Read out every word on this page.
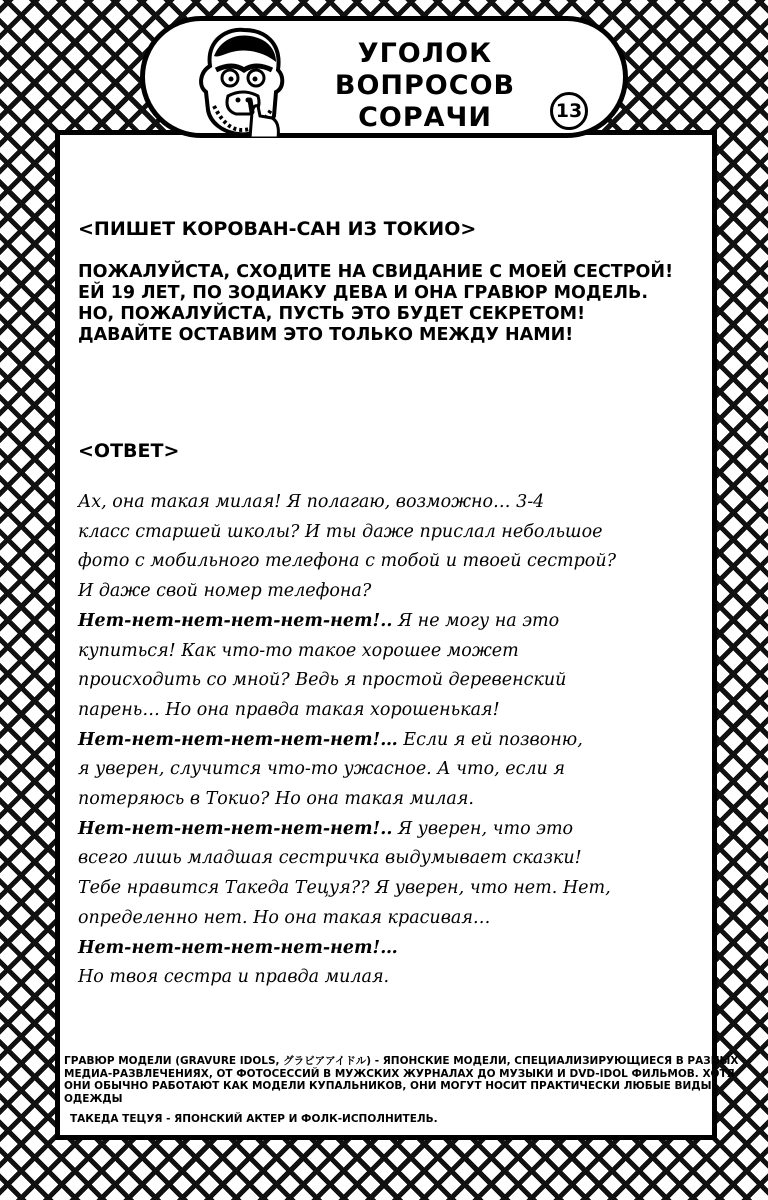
УГОЛОК
ВОПРОСОВ
СОРАЧИ	13
<ПИШЕТ КОРОВАН-САН ИЗ ТОКИО>
ПОЖАЛУЙСТА, СХОДИТЕ НА СВИДАНИЕ С МОЕЙ СЕСТРОЙ!
ЕЙ 19 ЛЕТ, ПО ЗОДИАКУ ДЕВА И ОНА ГРАВЮР МОДЕЛЬ.
НО, ПОЖАЛУЙСТА, ПУСТЬ ЭТО БУДЕТ СЕКРЕТОМ!
ДАВАЙТЕ ОСТАВИМ ЭТО ТОЛЬКО МЕЖДУ НАМИ!
<ОТВЕТ>
Ах, она такая милая! Я полагаю, возможно… 3-4
класс старшей школы? И ты даже прислал небольшое
фото с мобильного телефона с тобой и твоей сестрой?
И даже свой номер телефона?
Нет-нет-нет-нет-нет-нет!.. Я не могу на это
купиться! Как что-то такое хорошее может
происходить со мной? Ведь я простой деревенский
парень… Но она правда такая хорошенькая!
Нет-нет-нет-нет-нет-нет!… Если я ей позвоню,
я уверен, случится что-то ужасное. А что, если я
потеряюсь в Токио? Но она такая милая.
Нет-нет-нет-нет-нет-нет!.. Я уверен, что это
всего лишь младшая сестричка выдумывает сказки!
Тебе нравится Такеда Тецуя?? Я уверен, что нет. Нет,
определенно нет. Но она такая красивая…
Нет-нет-нет-нет-нет-нет!…
Но твоя сестра и правда милая.
ГРАВЮР МОДЕЛИ (GRAVURE IDOLS, グラビアアイドル) - ЯПОНСКИЕ МОДЕЛИ, СПЕЦИАЛИЗИРУЮЩИЕСЯ В РАЗНЫХ
МЕДИА-РАЗВЛЕЧЕНИЯХ, ОТ ФОТОСЕССИЙ В МУЖСКИХ ЖУРНАЛАХ ДО МУЗЫКИ И DVD-IDOL ФИЛЬМОВ. ХОТЯ
ОНИ ОБЫЧНО РАБОТАЮТ КАК МОДЕЛИ КУПАЛЬНИКОВ, ОНИ МОГУТ НОСИТ ПРАКТИЧЕСКИ ЛЮБЫЕ ВИДЫ
ОДЕЖДЫ
ТАКЕДА ТЕЦУЯ - ЯПОНСКИЙ АКТЕР И ФОЛК-ИСПОЛНИТЕЛЬ.
